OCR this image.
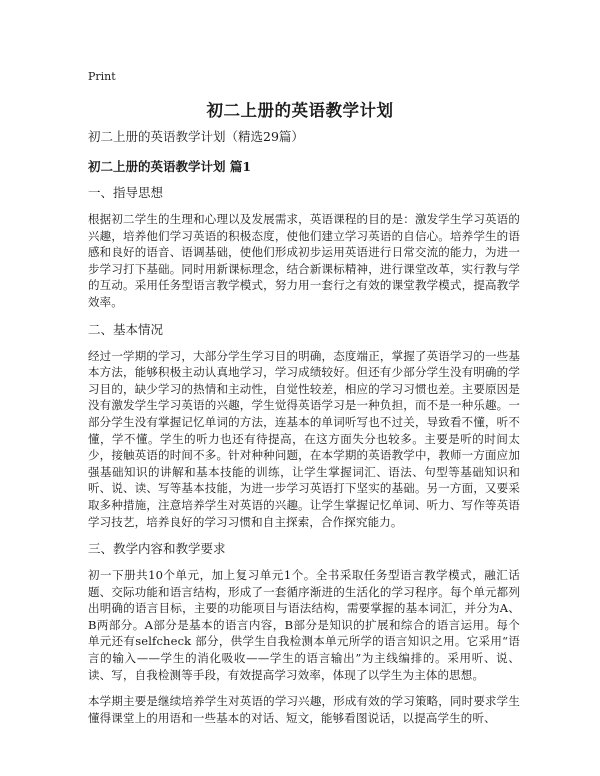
Print
初二上册的英语教学计划
初二上册的英语教学计划（精选29篇）
初二上册的英语教学计划 篇1
一、指导思想

根据初二学生的生理和心理以及发展需求，英语课程的目的是：激发学生学习英语的兴趣，培养他们学习英语的积极态度，使他们建立学习英语的自信心。培养学生的语感和良好的语音、语调基础，使他们形成初步运用英语进行日常交流的能力，为进一步学习打下基础。同时用新课标理念，结合新课标精神，进行课堂改革，实行教与学的互动。采用任务型语言教学模式，努力用一套行之有效的课堂教学模式，提高教学效率。

二、基本情况

经过一学期的学习，大部分学生学习目的明确，态度端正，掌握了英语学习的一些基本方法，能够积极主动认真地学习，学习成绩较好。但还有少部分学生没有明确的学习目的，缺少学习的热情和主动性，自觉性较差，相应的学习习惯也差。主要原因是没有激发学生学习英语的兴趣，学生觉得英语学习是一种负担，而不是一种乐趣。一部分学生没有掌握记忆单词的方法，连基本的单词听写也不过关，导致看不懂，听不懂，学不懂。学生的听力也还有待提高，在这方面失分也较多。主要是听的时间太少，接触英语的时间不多。针对种种问题，在本学期的英语教学中，教师一方面应加强基础知识的讲解和基本技能的训练，让学生掌握词汇、语法、句型等基础知识和听、说、读、写等基本技能，为进一步学习英语打下坚实的基础。另一方面，又要采取多种措施，注意培养学生对英语的兴趣。让学生掌握记忆单词、听力、写作等英语学习技艺，培养良好的学习习惯和自主探索，合作探究能力。

三、教学内容和教学要求

初一下册共10个单元，加上复习单元1个。全书采取任务型语言教学模式，融汇话题、交际功能和语言结构，形成了一套循序渐进的生活化的学习程序。每个单元都列出明确的语言目标，主要的功能项目与语法结构，需要掌握的基本词汇，并分为A、B两部分。A部分是基本的语言内容，B部分是知识的扩展和综合的语言运用。每个单元还有selfcheck 部分，供学生自我检测本单元所学的语言知识之用。它采用“语言的输入——学生的消化吸收——学生的语言输出”为主线编排的。采用听、说、读、写，自我检测等手段，有效提高学习效率，体现了以学生为主体的思想。

本学期主要是继续培养学生对英语的学习兴趣，形成有效的学习策略，同时要求学生懂得课堂上的用语和一些基本的对话、短文，能够看图说话，以提高学生的听、
